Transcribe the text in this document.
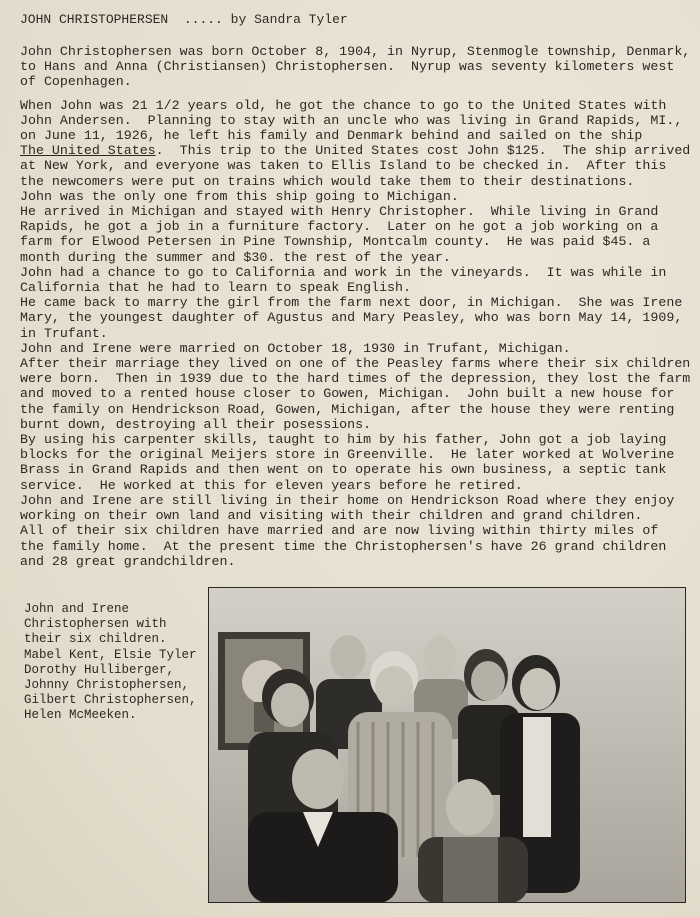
JOHN CHRISTOPHERSEN ..... by Sandra Tyler

John Christophersen was born October 8, 1904, in Nyrup, Stenmogle township, Denmark,

to Hans and Anna (Christiansen) Christophersen.  Nyrup was seventy kilometers west

of Copenhagen.

When John was 21 1/2 years old, he got the chance to go to the United States with

John Andersen.  Planning to stay with an uncle who was living in Grand Rapids, MI.,

on June 11, 1926, he left his family and Denmark behind and sailed on the ship

The United States.  This trip to the United States cost John $125.  The ship arrived

at New York, and everyone was taken to Ellis Island to be checked in.  After this

the newcomers were put on trains which would take them to their destinations.

John was the only one from this ship going to Michigan.

He arrived in Michigan and stayed with Henry Christopher.  While living in Grand

Rapids, he got a job in a furniture factory.  Later on he got a job working on a

farm for Elwood Petersen in Pine Township, Montcalm county.  He was paid $45. a

month during the summer and $30. the rest of the year.

John had a chance to go to California and work in the vineyards.  It was while in

California that he had to learn to speak English.

He came back to marry the girl from the farm next door, in Michigan.  She was Irene

Mary, the youngest daughter of Agustus and Mary Peasley, who was born May 14, 1909,

in Trufant.

John and Irene were married on October 18, 1930 in Trufant, Michigan.

After their marriage they lived on one of the Peasley farms where their six children

were born.  Then in 1939 due to the hard times of the depression, they lost the farm

and moved to a rented house closer to Gowen, Michigan.  John built a new house for

the family on Hendrickson Road, Gowen, Michigan, after the house they were renting

burnt down, destroying all their posessions.

By using his carpenter skills, taught to him by his father, John got a job laying

blocks for the original Meijers store in Greenville.  He later worked at Wolverine

Brass in Grand Rapids and then went on to operate his own business, a septic tank

service.  He worked at this for eleven years before he retired.

John and Irene are still living in their home on Hendrickson Road where they enjoy

working on their own land and visiting with their children and grand children.

All of their six children have married and are now living within thirty miles of

the family home.  At the present time the Christophersen's have 26 grand children

and 28 great grandchildren.

John and Irene
Christophersen with
their six children.
Mabel Kent, Elsie Tyler
Dorothy Hulliberger,
Johnny Christophersen,
Gilbert Christophersen,
Helen McMeeken.
